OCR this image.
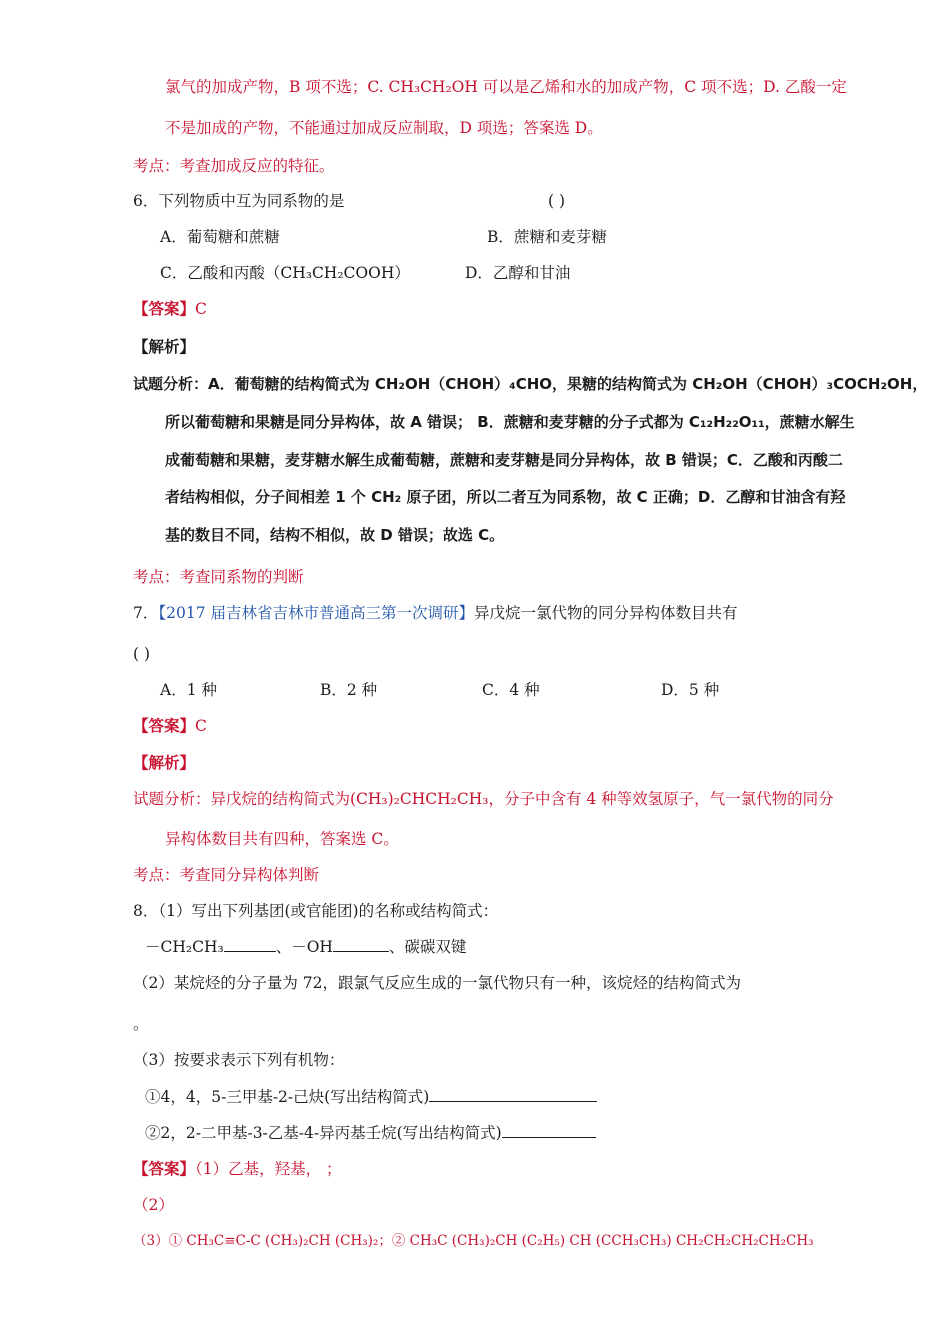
氯气的加成产物，B 项不选；C. CH₃CH₂OH 可以是乙烯和水的加成产物，C 项不选；D. 乙酸一定
不是加成的产物，不能通过加成反应制取，D 项选；答案选 D。
考点：考查加成反应的特征。
6．下列物质中互为同系物的是	( )
A．葡萄糖和蔗糖	B．蔗糖和麦芽糖
C．乙酸和丙酸（CH₃CH₂COOH）	D．乙醇和甘油
【答案】C
【解析】
试题分析：A．葡萄糖的结构简式为 CH₂OH（CHOH）₄CHO，果糖的结构简式为 CH₂OH（CHOH）₃COCH₂OH，
所以葡萄糖和果糖是同分异构体，故 A 错误； B．蔗糖和麦芽糖的分子式都为 C₁₂H₂₂O₁₁，蔗糖水解生
成葡萄糖和果糖，麦芽糖水解生成葡萄糖，蔗糖和麦芽糖是同分异构体，故 B 错误；C．乙酸和丙酸二
者结构相似，分子间相差 1 个 CH₂ 原子团，所以二者互为同系物，故 C 正确；D．乙醇和甘油含有羟
基的数目不同，结构不相似，故 D 错误；故选 C。
考点：考查同系物的判断
7．【2017 届吉林省吉林市普通高三第一次调研】异戊烷一氯代物的同分异构体数目共有
( )
A．1 种	B．2 种	C．4 种	D．5 种
【答案】C
【解析】
试题分析：异戊烷的结构简式为(CH₃)₂CHCH₂CH₃，分子中含有 4 种等效氢原子，气一氯代物的同分
异构体数目共有四种，答案选 C。
考点：考查同分异构体判断
8．（1）写出下列基团(或官能团)的名称或结构简式：
－CH₂CH₃	、－OH	、碳碳双键
（2）某烷烃的分子量为 72，跟氯气反应生成的一氯代物只有一种，该烷烃的结构简式为
。
（3）按要求表示下列有机物：
①4，4，5-三甲基-2-己炔(写出结构简式)
②2，2-二甲基-3-乙基-4-异丙基壬烷(写出结构简式)
【答案】（1）乙基，羟基， ；
（2）
（3）① CH₃C≡C-C (CH₃)₂CH (CH₃)₂；② CH₃C (CH₃)₂CH (C₂H₅) CH (CCH₃CH₃) CH₂CH₂CH₂CH₂CH₃
